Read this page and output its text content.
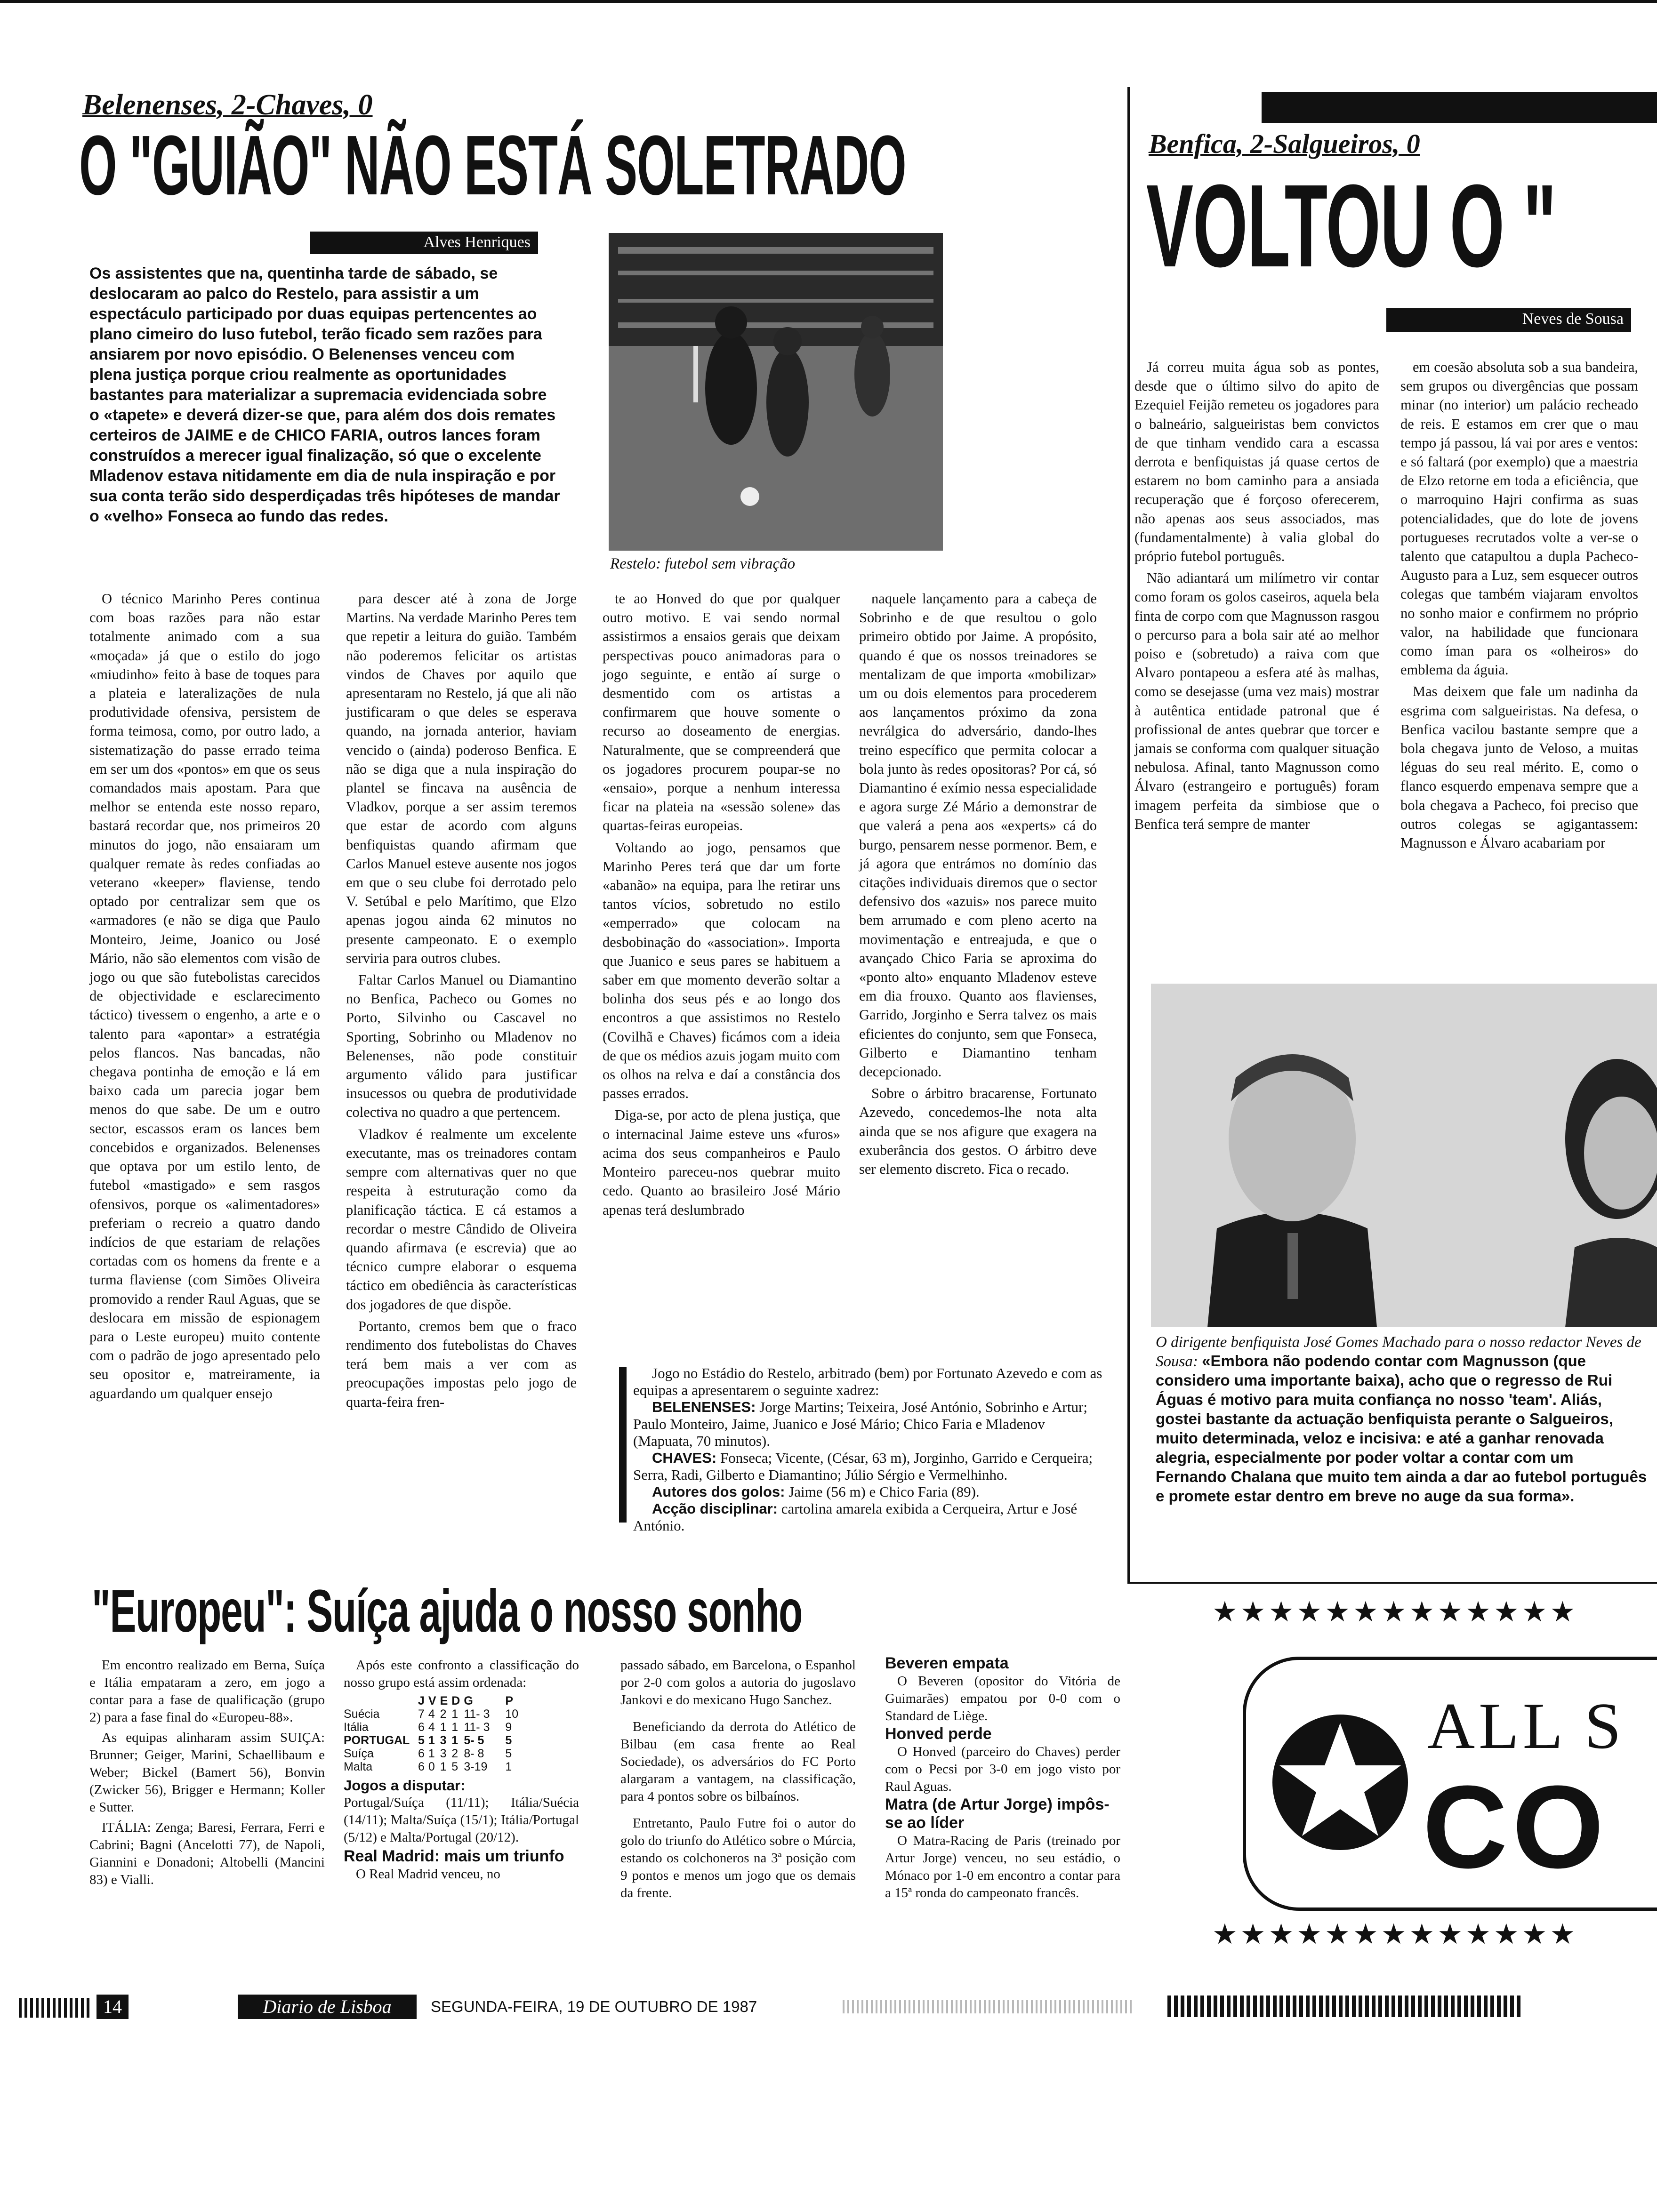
Belenenses, 2-Chaves, 0
O "GUIÃO" NÃO ESTÁ SOLETRADO
Alves Henriques
Os assistentes que na, quentinha tarde de sábado, se deslocaram ao palco do Restelo, para assistir a um espectáculo participado por duas equipas pertencentes ao plano cimeiro do luso futebol, terão ficado sem razões para ansiarem por novo episódio. O Belenenses venceu com plena justiça porque criou realmente as oportunidades bastantes para materializar a supremacia evidenciada sobre o «tapete» e deverá dizer-se que, para além dos dois remates certeiros de JAIME e de CHICO FARIA, outros lances foram construídos a merecer igual finalização, só que o excelente Mladenov estava nitidamente em dia de nula inspiração e por sua conta terão sido desperdiçadas três hipóteses de mandar o «velho» Fonseca ao fundo das redes.
Restelo: futebol sem vibração

O técnico Marinho Peres continua com boas razões para não estar totalmente animado com a sua «moçada» já que o estilo do jogo «miudinho» feito à base de toques para a plateia e lateralizações de nula produtividade ofensiva, persistem de forma teimosa, como, por outro lado, a sistematização do passe errado teima em ser um dos «pontos» em que os seus comandados mais apostam. Para que melhor se entenda este nosso reparo, bastará recordar que, nos primeiros 20 minutos do jogo, não ensaiaram um qualquer remate às redes confiadas ao veterano «keeper» flaviense, tendo optado por centralizar sem que os «armadores (e não se diga que Paulo Monteiro, Jeime, Joanico ou José Mário, não são elementos com visão de jogo ou que são futebolistas carecidos de objectividade e esclarecimento táctico) tivessem o engenho, a arte e o talento para «apontar» a estratégia pelos flancos. Nas bancadas, não chegava pontinha de emoção e lá em baixo cada um parecia jogar bem menos do que sabe. De um e outro sector, escassos eram os lances bem concebidos e organizados. Belenenses que optava por um estilo lento, de futebol «mastigado» e sem rasgos ofensivos, porque os «alimentadores» preferiam o recreio a quatro dando indícios de que estariam de relações cortadas com os homens da frente e a turma flaviense (com Simões Oliveira promovido a render Raul Aguas, que se deslocara em missão de espionagem para o Leste europeu) muito contente com o padrão de jogo apresentado pelo seu opositor e, matreiramente, ia aguardando um qualquer ensejo

para descer até à zona de Jorge Martins. Na verdade Marinho Peres tem que repetir a leitura do guião. Também não poderemos felicitar os artistas vindos de Chaves por aquilo que apresentaram no Restelo, já que ali não justificaram o que deles se esperava quando, na jornada anterior, haviam vencido o (ainda) poderoso Benfica. E não se diga que a nula inspiração do plantel se fincava na ausência de Vladkov, porque a ser assim teremos que estar de acordo com alguns benfiquistas quando afirmam que Carlos Manuel esteve ausente nos jogos em que o seu clube foi derrotado pelo V. Setúbal e pelo Marítimo, que Elzo apenas jogou ainda 62 minutos no presente campeonato. E o exemplo serviria para outros clubes.

Faltar Carlos Manuel ou Diamantino no Benfica, Pacheco ou Gomes no Porto, Silvinho ou Cascavel no Sporting, Sobrinho ou Mladenov no Belenenses, não pode constituir argumento válido para justificar insucessos ou quebra de produtividade colectiva no quadro a que pertencem.

Vladkov é realmente um excelente executante, mas os treinadores contam sempre com alternativas quer no que respeita à estruturação como da planificação táctica. E cá estamos a recordar o mestre Cândido de Oliveira quando afirmava (e escrevia) que ao técnico cumpre elaborar o esquema táctico em obediência às características dos jogadores de que dispõe.

Portanto, cremos bem que o fraco rendimento dos futebolistas do Chaves terá bem mais a ver com as preocupações impostas pelo jogo de quarta-feira fren-

te ao Honved do que por qualquer outro motivo. E vai sendo normal assistirmos a ensaios gerais que deixam perspectivas pouco animadoras para o jogo seguinte, e então aí surge o desmentido com os artistas a confirmarem que houve somente o recurso ao doseamento de energias. Naturalmente, que se compreenderá que os jogadores procurem poupar-se no «ensaio», porque a nenhum interessa ficar na plateia na «sessão solene» das quartas-feiras europeias.

Voltando ao jogo, pensamos que Marinho Peres terá que dar um forte «abanão» na equipa, para lhe retirar uns tantos vícios, sobretudo no estilo «emperrado» que colocam na desbobinação do «association». Importa que Juanico e seus pares se habituem a saber em que momento deverão soltar a bolinha dos seus pés e ao longo dos encontros a que assistimos no Restelo (Covilhã e Chaves) ficámos com a ideia de que os médios azuis jogam muito com os olhos na relva e daí a constância dos passes errados.

Diga-se, por acto de plena justiça, que o internacinal Jaime esteve uns «furos» acima dos seus companheiros e Paulo Monteiro pareceu-nos quebrar muito cedo. Quanto ao brasileiro José Mário apenas terá deslumbrado

naquele lançamento para a cabeça de Sobrinho e de que resultou o golo primeiro obtido por Jaime. A propósito, quando é que os nossos treinadores se mentalizam de que importa «mobilizar» um ou dois elementos para procederem aos lançamentos próximo da zona nevrálgica do adversário, dando-lhes treino específico que permita colocar a bola junto às redes opositoras? Por cá, só Diamantino é exímio nessa especialidade e agora surge Zé Mário a demonstrar de que valerá a pena aos «experts» cá do burgo, pensarem nesse pormenor. Bem, e já agora que entrámos no domínio das citações individuais diremos que o sector defensivo dos «azuis» nos parece muito bem arrumado e com pleno acerto na movimentação e entreajuda, e que o avançado Chico Faria se aproxima do «ponto alto» enquanto Mladenov esteve em dia frouxo. Quanto aos flavienses, Garrido, Jorginho e Serra talvez os mais eficientes do conjunto, sem que Fonseca, Gilberto e Diamantino tenham decepcionado.

Sobre o árbitro bracarense, Fortunato Azevedo, concedemos-lhe nota alta ainda que se nos afigure que exagera na exuberância dos gestos. O árbitro deve ser elemento discreto. Fica o recado.

Jogo no Estádio do Restelo, arbitrado (bem) por Fortunato Azevedo e com as equipas a apresentarem o seguinte xadrez:

BELENENSES: Jorge Martins; Teixeira, José António, Sobrinho e Artur; Paulo Monteiro, Jaime, Juanico e José Mário; Chico Faria e Mladenov (Mapuata, 70 minutos).

CHAVES: Fonseca; Vicente, (César, 63 m), Jorginho, Garrido e Cerqueira; Serra, Radi, Gilberto e Diamantino; Júlio Sérgio e Vermelhinho.

Autores dos golos: Jaime (56 m) e Chico Faria (89).

Acção disciplinar: cartolina amarela exibida a Cerqueira, Artur e José António.

Benfica, 2-Salgueiros, 0
VOLTOU O "
Neves de Sousa

Já correu muita água sob as pontes, desde que o último silvo do apito de Ezequiel Feijão remeteu os jogadores para o balneário, salgueiristas bem convictos de que tinham vendido cara a escassa derrota e benfiquistas já quase certos de estarem no bom caminho para a ansiada recuperação que é forçoso oferecerem, não apenas aos seus associados, mas (fundamentalmente) à valia global do próprio futebol português.

Não adiantará um milímetro vir contar como foram os golos caseiros, aquela bela finta de corpo com que Magnusson rasgou o percurso para a bola sair até ao melhor poiso e (sobretudo) a raiva com que Alvaro pontapeou a esfera até às malhas, como se desejasse (uma vez mais) mostrar à autêntica entidade patronal que é profissional de antes quebrar que torcer e jamais se conforma com qualquer situação nebulosa. Afinal, tanto Magnusson como Álvaro (estrangeiro e português) foram imagem perfeita da simbiose que o Benfica terá sempre de manter

em coesão absoluta sob a sua bandeira, sem grupos ou divergências que possam minar (no interior) um palácio recheado de reis. E estamos em crer que o mau tempo já passou, lá vai por ares e ventos: e só faltará (por exemplo) que a maestria de Elzo retorne em toda a eficiência, que o marroquino Hajri confirma as suas potencialidades, que do lote de jovens portugueses recrutados volte a ver-se o talento que catapultou a dupla Pacheco-Augusto para a Luz, sem esquecer outros colegas que também viajaram envoltos no sonho maior e confirmem no próprio valor, na habilidade que funcionara como íman para os «olheiros» do emblema da águia.

Mas deixem que fale um nadinha da esgrima com salgueiristas. Na defesa, o Benfica vacilou bastante sempre que a bola chegava junto de Veloso, a muitas léguas do seu real mérito. E, como o flanco esquerdo empenava sempre que a bola chegava a Pacheco, foi preciso que outros colegas se agigantassem: Magnusson e Álvaro acabariam por

O dirigente benfiquista José Gomes Machado para o nosso redactor Neves de Sousa: «Embora não podendo contar com Magnusson (que considero uma importante baixa), acho que o regresso de Rui Águas é motivo para muita confiança no nosso 'team'. Aliás, gostei bastante da actuação benfiquista perante o Salgueiros, muito determinada, veloz e incisiva: e até a ganhar renovada alegria, especialmente por poder voltar a contar com um Fernando Chalana que muito tem ainda a dar ao futebol português e promete estar dentro em breve no auge da sua forma».
"Europeu": Suíça ajuda o nosso sonho

Em encontro realizado em Berna, Suíça e Itália empataram a zero, em jogo a contar para a fase de qualificação (grupo 2) para a fase final do «Europeu-88».

As equipas alinharam assim SUIÇA: Brunner; Geiger, Marini, Schaellibaum e Weber; Bickel (Bamert 56), Bonvin (Zwicker 56), Brigger e Hermann; Koller e Sutter.

ITÁLIA: Zenga; Baresi, Ferrara, Ferri e Cabrini; Bagni (Ancelotti 77), de Napoli, Giannini e Donadoni; Altobelli (Mancini 83) e Vialli.

Após este confronto a classificação do nosso grupo está assim ordenada:
	J	V	E	D	G	P
Suécia	7	4	2	1	11- 3	10
Itália	6	4	1	1	11- 3	9
PORTUGAL	5	1	3	1	5- 5	5
Suíça	6	1	3	2	8- 8	5
Malta	6	0	1	5	3-19	1
Jogos a disputar:
Portugal/Suíça (11/11); Itália/Suécia (14/11); Malta/Suíça (15/1); Itália/Portugal (5/12) e Malta/Portugal (20/12).
Real Madrid: mais um triunfo
O Real Madrid venceu, no

passado sábado, em Barcelona, o Espanhol por 2-0 com golos a autoria do jugoslavo Jankovi e do mexicano Hugo Sanchez.

Beneficiando da derrota do Atlético de Bilbau (em casa frente ao Real Sociedade), os adversários do FC Porto alargaram a vantagem, na classificação, para 4 pontos sobre os bilbaínos.

Entretanto, Paulo Futre foi o autor do golo do triunfo do Atlético sobre o Múrcia, estando os colchoneros na 3ª posição com 9 pontos e menos um jogo que os demais da frente.

Beveren empata
O Beveren (opositor do Vitória de Guimarães) empatou por 0-0 com o Standard de Liège.
Honved perde
O Honved (parceiro do Chaves) perder com o Pecsi por 3-0 em jogo visto por Raul Aguas.
Matra (de Artur Jorge) impôs-se ao líder
O Matra-Racing de Paris (treinado por Artur Jorge) venceu, no seu estádio, o Mónaco por 1-0 em encontro a contar para a 15ª ronda do campeonato francês.
★★★★★★★★★★★★★
ALL S
CO
★★★★★★★★★★★★★
14	Diario de Lisboa	SEGUNDA-FEIRA, 19 DE OUTUBRO DE 1987
